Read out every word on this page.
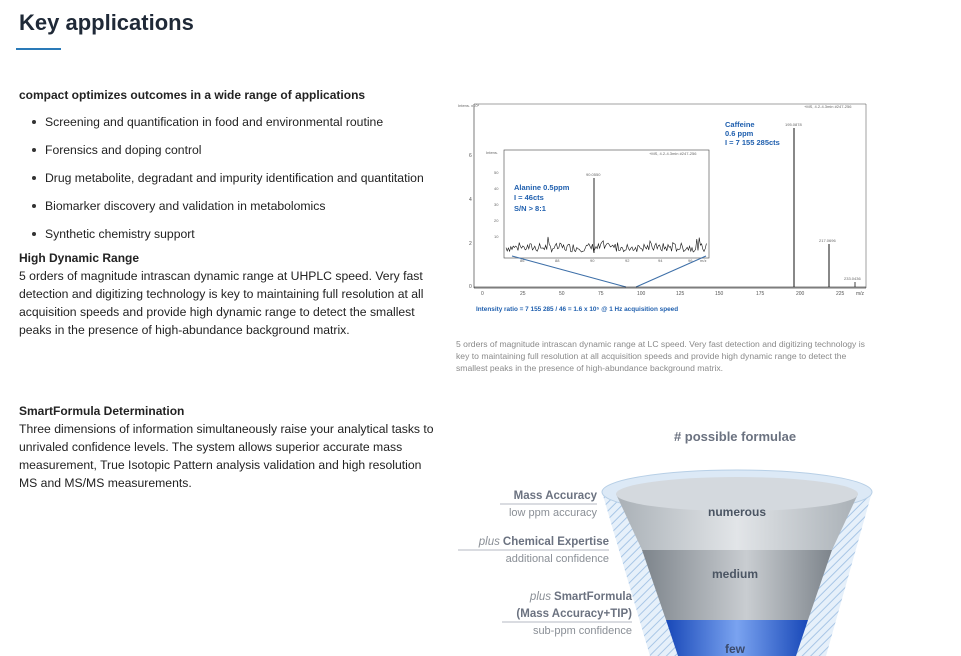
Key applications

compact optimizes outcomes in a wide range of applications

Screening and quantification in food and environmental routine
Forensics and doping control
Drug metabolite, degradant and impurity identification and quantitation
Biomarker discovery and validation in metabolomics
Synthetic chemistry support
High Dynamic Range

5 orders of magnitude intrascan dynamic range at UHPLC speed. Very fast detection and digitizing technology is key to maintaining full resolution at all acquisition speeds and provide high dynamic range to detect the smallest peaks in the presence of high-abundance background matrix.

SmartFormula Determination

Three dimensions of information simultaneously raise your analytical tasks to unrivaled confidence levels. The system allows superior accurate mass measurement, True Isotopic Pattern analysis validation and high resolution MS and MS/MS measurements.

Intens. x10⁶	+MS, 4.2-4.3min #247-256
6
4
2
0
0	25	50	75	100	125	150	175	200	225 m/z
195.0878
217.0696
233.0436
Caffeine
0.6 ppm
I = 7 155 285cts
Intens.	+MS, 4.2-4.3min #247-256
50
40
30
20
10
86	88	90	92	94	96 m/z
90.0550
Alanine 0.5ppm
I = 46cts
S/N > 8:1
Intensity ratio = 7 155 285 / 46 = 1.6 x 10⁵ @ 1 Hz acquisition speed

5 orders of magnitude intrascan dynamic range at LC speed. Very fast detection and digitizing technology is key to maintaining full resolution at all acquisition speeds and provide high dynamic range to detect the smallest peaks in the presence of high-abundance background matrix.

# possible formulae
numerous
medium
few
Mass Accuracy
low ppm accuracy
plus Chemical Expertise
additional confidence
plus SmartFormula
(Mass Accuracy+TIP)
sub-ppm confidence
